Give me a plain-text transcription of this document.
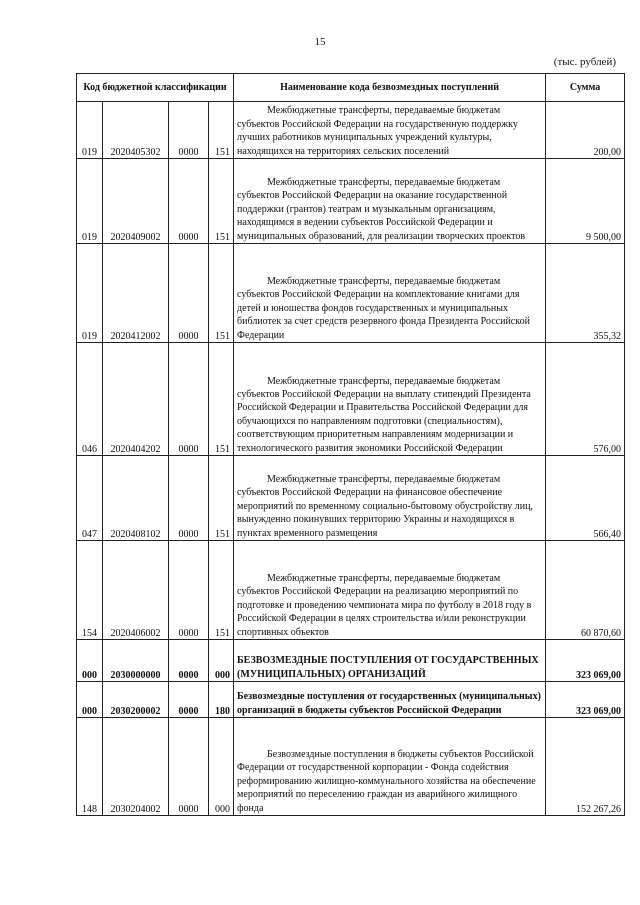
15
(тыс. рублей)
Код бюджетной классификации				Наименование кода безвозмездных поступлений	Сумма
019	2020405302	0000	151	Межбюджетные трансферты, передаваемые бюджетам субъектов Российской Федерации на государственную поддержку лучших работников муниципальных учреждений культуры, находящихся на территориях сельских поселений	200,00
019	2020409002	0000	151	Межбюджетные трансферты, передаваемые бюджетам субъектов Российской Федерации на оказание государственной поддержки (грантов) театрам и музыкальным организациям, находящимся в ведении субъектов Российской Федерации и муниципальных образований, для реализации творческих проектов	9 500,00
019	2020412002	0000	151	Межбюджетные трансферты, передаваемые бюджетам субъектов Российской Федерации на комплектование книгами для детей и юношества фондов государственных и муниципальных библиотек за счет средств резервного фонда Президента Российской Федерации	355,32
046	2020404202	0000	151	Межбюджетные трансферты, передаваемые бюджетам субъектов Российской Федерации на выплату стипендий Президента Российской Федерации и Правительства Российской Федерации для обучающихся по направлениям подготовки (специальностям), соответствующим приоритетным направлениям модернизации и технологического развития экономики Российской Федерации	576,00
047	2020408102	0000	151	Межбюджетные трансферты, передаваемые бюджетам субъектов Российской Федерации на финансовое обеспечение мероприятий по временному социально-бытовому обустройству лиц, вынужденно покинувших территорию Украины и находящихся в пунктах временного размещения	566,40
154	2020406002	0000	151	Межбюджетные трансферты, передаваемые бюджетам субъектов Российской Федерации на реализацию мероприятий по подготовке и проведению чемпионата мира по футболу в 2018 году в Российской Федерации в целях строительства и/или реконструкции спортивных объектов	60 870,60
000	2030000000	0000	000	БЕЗВОЗМЕЗДНЫЕ ПОСТУПЛЕНИЯ ОТ ГОСУДАРСТВЕННЫХ (МУНИЦИПАЛЬНЫХ) ОРГАНИЗАЦИЙ	323 069,00
000	2030200002	0000	180	Безвозмездные поступления от государственных (муниципальных) организаций в бюджеты субъектов Российской Федерации	323 069,00
148	2030204002	0000	000	Безвозмездные поступления в бюджеты субъектов Российской Федерации от государственной корпорации - Фонда содействия реформированию жилищно-коммунального хозяйства на обеспечение мероприятий по переселению граждан из аварийного жилищного фонда	152 267,26
